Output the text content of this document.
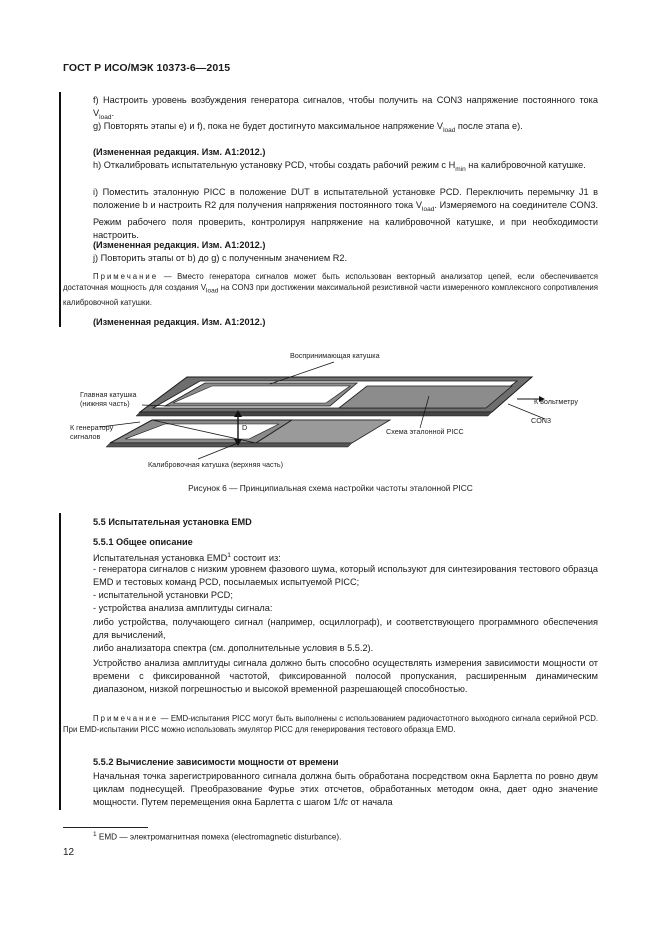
ГОСТ Р ИСО/МЭК 10373-6—2015
f) Настроить уровень возбуждения генератора сигналов, чтобы получить на CON3 напряжение постоянного тока $V_{load}$.
g) Повторять этапы e) и f), пока не будет достигнуто максимальное напряжение $V_{load}$ после этапа e).
(Измененная редакция. Изм. A1:2012.)
h) Откалибровать испытательную установку PCD, чтобы создать рабочий режим с $H_{min}$ на калибровочной катушке.
i) Поместить эталонную PICC в положение DUT в испытательной установке PCD. Переключить перемычку J1 в положение b и настроить R2 для получения напряжения постоянного тока $V_{load}$. Измеряемого на соединителе CON3. Режим рабочего поля проверить, контролируя напряжение на калибровочной катушке, и при необходимости настроить.
(Измененная редакция. Изм. A1:2012.)
j) Повторить этапы от b) до g) с полученным значением R2.
Примечание — Вместо генератора сигналов может быть использован векторный анализатор цепей, если обеспечивается достаточная мощность для создания $V_{load}$ на CON3 при достижении максимальной резистивной части измеренного комплексного сопротивления калибровочной катушки.
(Измененная редакция. Изм. A1:2012.)
D
Воспринимающая катушка
Главная катушка
(нижняя часть)
К генератору
сигналов
К вольтметру
Схема эталонной PICC
CON3
Калибровочная катушка (верхняя часть)
Рисунок 6 — Принципиальная схема настройки частоты эталонной PICC
5.5 Испытательная установка EMD
5.5.1 Общее описание
Испытательная установка EMD$^1$ состоит из:
- генератора сигналов с низким уровнем фазового шума, который используют для синтезирования тестового образца EMD и тестовых команд PCD, посылаемых испытуемой PICC;
- испытательной установки PCD;
- устройства анализа амплитуды сигнала:
либо устройства, получающего сигнал (например, осциллограф), и соответствующего программного обеспечения для вычислений,
либо анализатора спектра (см. дополнительные условия в 5.5.2).
Устройство анализа амплитуды сигнала должно быть способно осуществлять измерения зависимости мощности от времени с фиксированной частотой, фиксированной полосой пропускания, расширенным динамическим диапазоном, низкой погрешностью и высокой временной разрешающей способностью.
Примечание — EMD-испытания PICC могут быть выполнены с использованием радиочастотного выходного сигнала серийной PCD. При EMD-испытании PICC можно использовать эмулятор PICC для генерирования тестового образца EMD.
5.5.2 Вычисление зависимости мощности от времени
Начальная точка зарегистрированного сигнала должна быть обработана посредством окна Барлетта по ровно двум циклам поднесущей. Преобразование Фурье этих отсчетов, обработанных методом окна, дает одно значение мощности. Путем перемещения окна Барлетта с шагом 1/fc от начала
$^1$ EMD — электромагнитная помеха (electromagnetic disturbance).
12
